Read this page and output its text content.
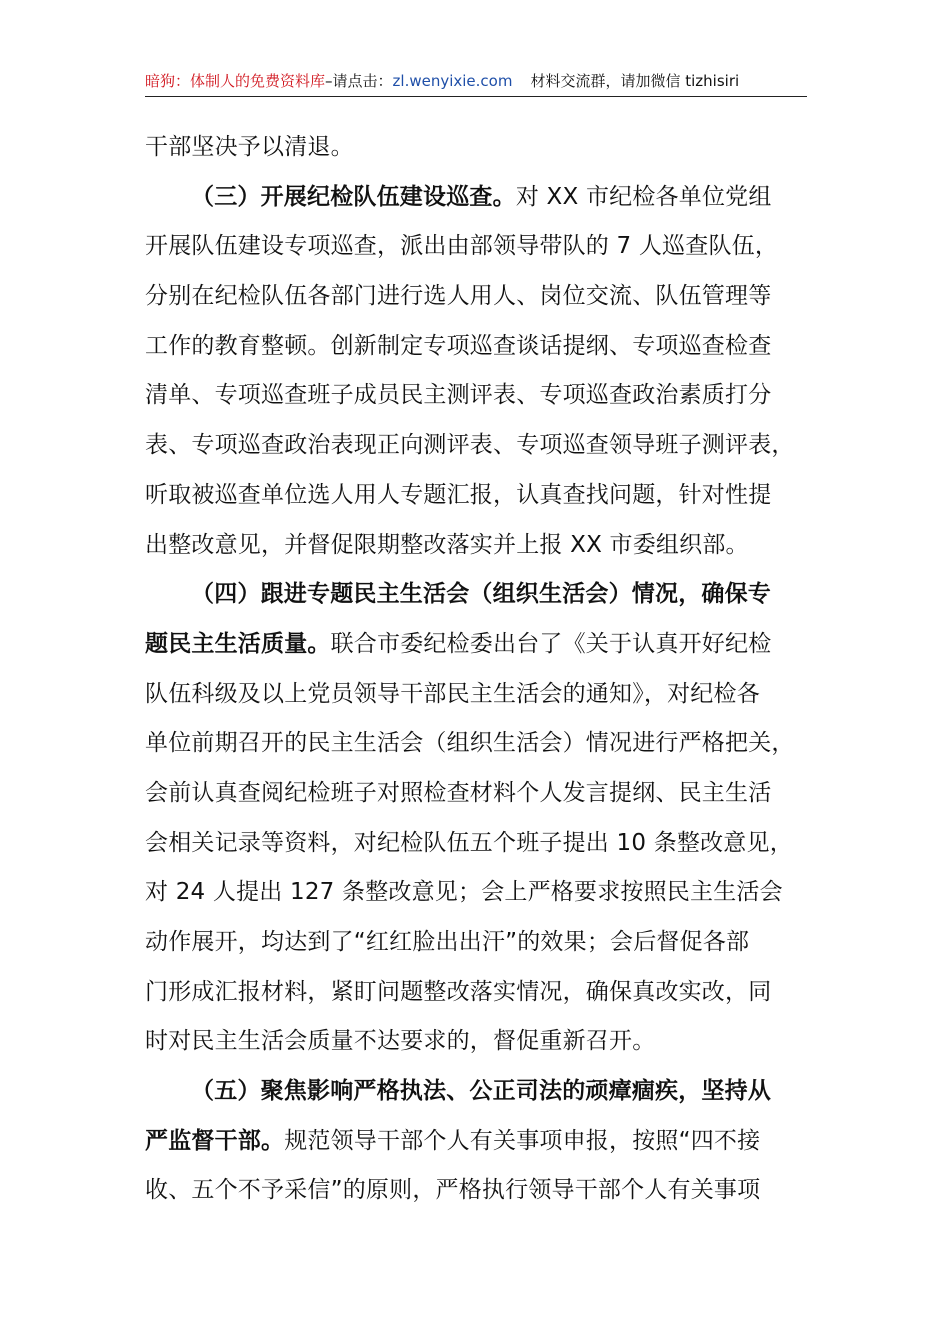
暗狗：体制人的免费资料库–请点击：zl.wenyixie.com 材料交流群，请加微信 tizhisiri
干部坚决予以清退。
（三）开展纪检队伍建设巡查。对 XX 市纪检各单位党组
开展队伍建设专项巡查，派出由部领导带队的 7 人巡查队伍，
分别在纪检队伍各部门进行选人用人、岗位交流、队伍管理等
工作的教育整顿。创新制定专项巡查谈话提纲、专项巡查检查
清单、专项巡查班子成员民主测评表、专项巡查政治素质打分
表、专项巡查政治表现正向测评表、专项巡查领导班子测评表，
听取被巡查单位选人用人专题汇报，认真查找问题，针对性提
出整改意见，并督促限期整改落实并上报 XX 市委组织部。
（四）跟进专题民主生活会（组织生活会）情况，确保专
题民主生活质量。联合市委纪检委出台了《关于认真开好纪检
队伍科级及以上党员领导干部民主生活会的通知》，对纪检各
单位前期召开的民主生活会（组织生活会）情况进行严格把关，
会前认真查阅纪检班子对照检查材料个人发言提纲、民主生活
会相关记录等资料，对纪检队伍五个班子提出 10 条整改意见，
对 24 人提出 127 条整改意见；会上严格要求按照民主生活会
动作展开，均达到了“红红脸出出汗”的效果；会后督促各部
门形成汇报材料，紧盯问题整改落实情况，确保真改实改，同
时对民主生活会质量不达要求的，督促重新召开。
（五）聚焦影响严格执法、公正司法的顽瘴痼疾，坚持从
严监督干部。规范领导干部个人有关事项申报，按照“四不接
收、五个不予采信”的原则，严格执行领导干部个人有关事项
